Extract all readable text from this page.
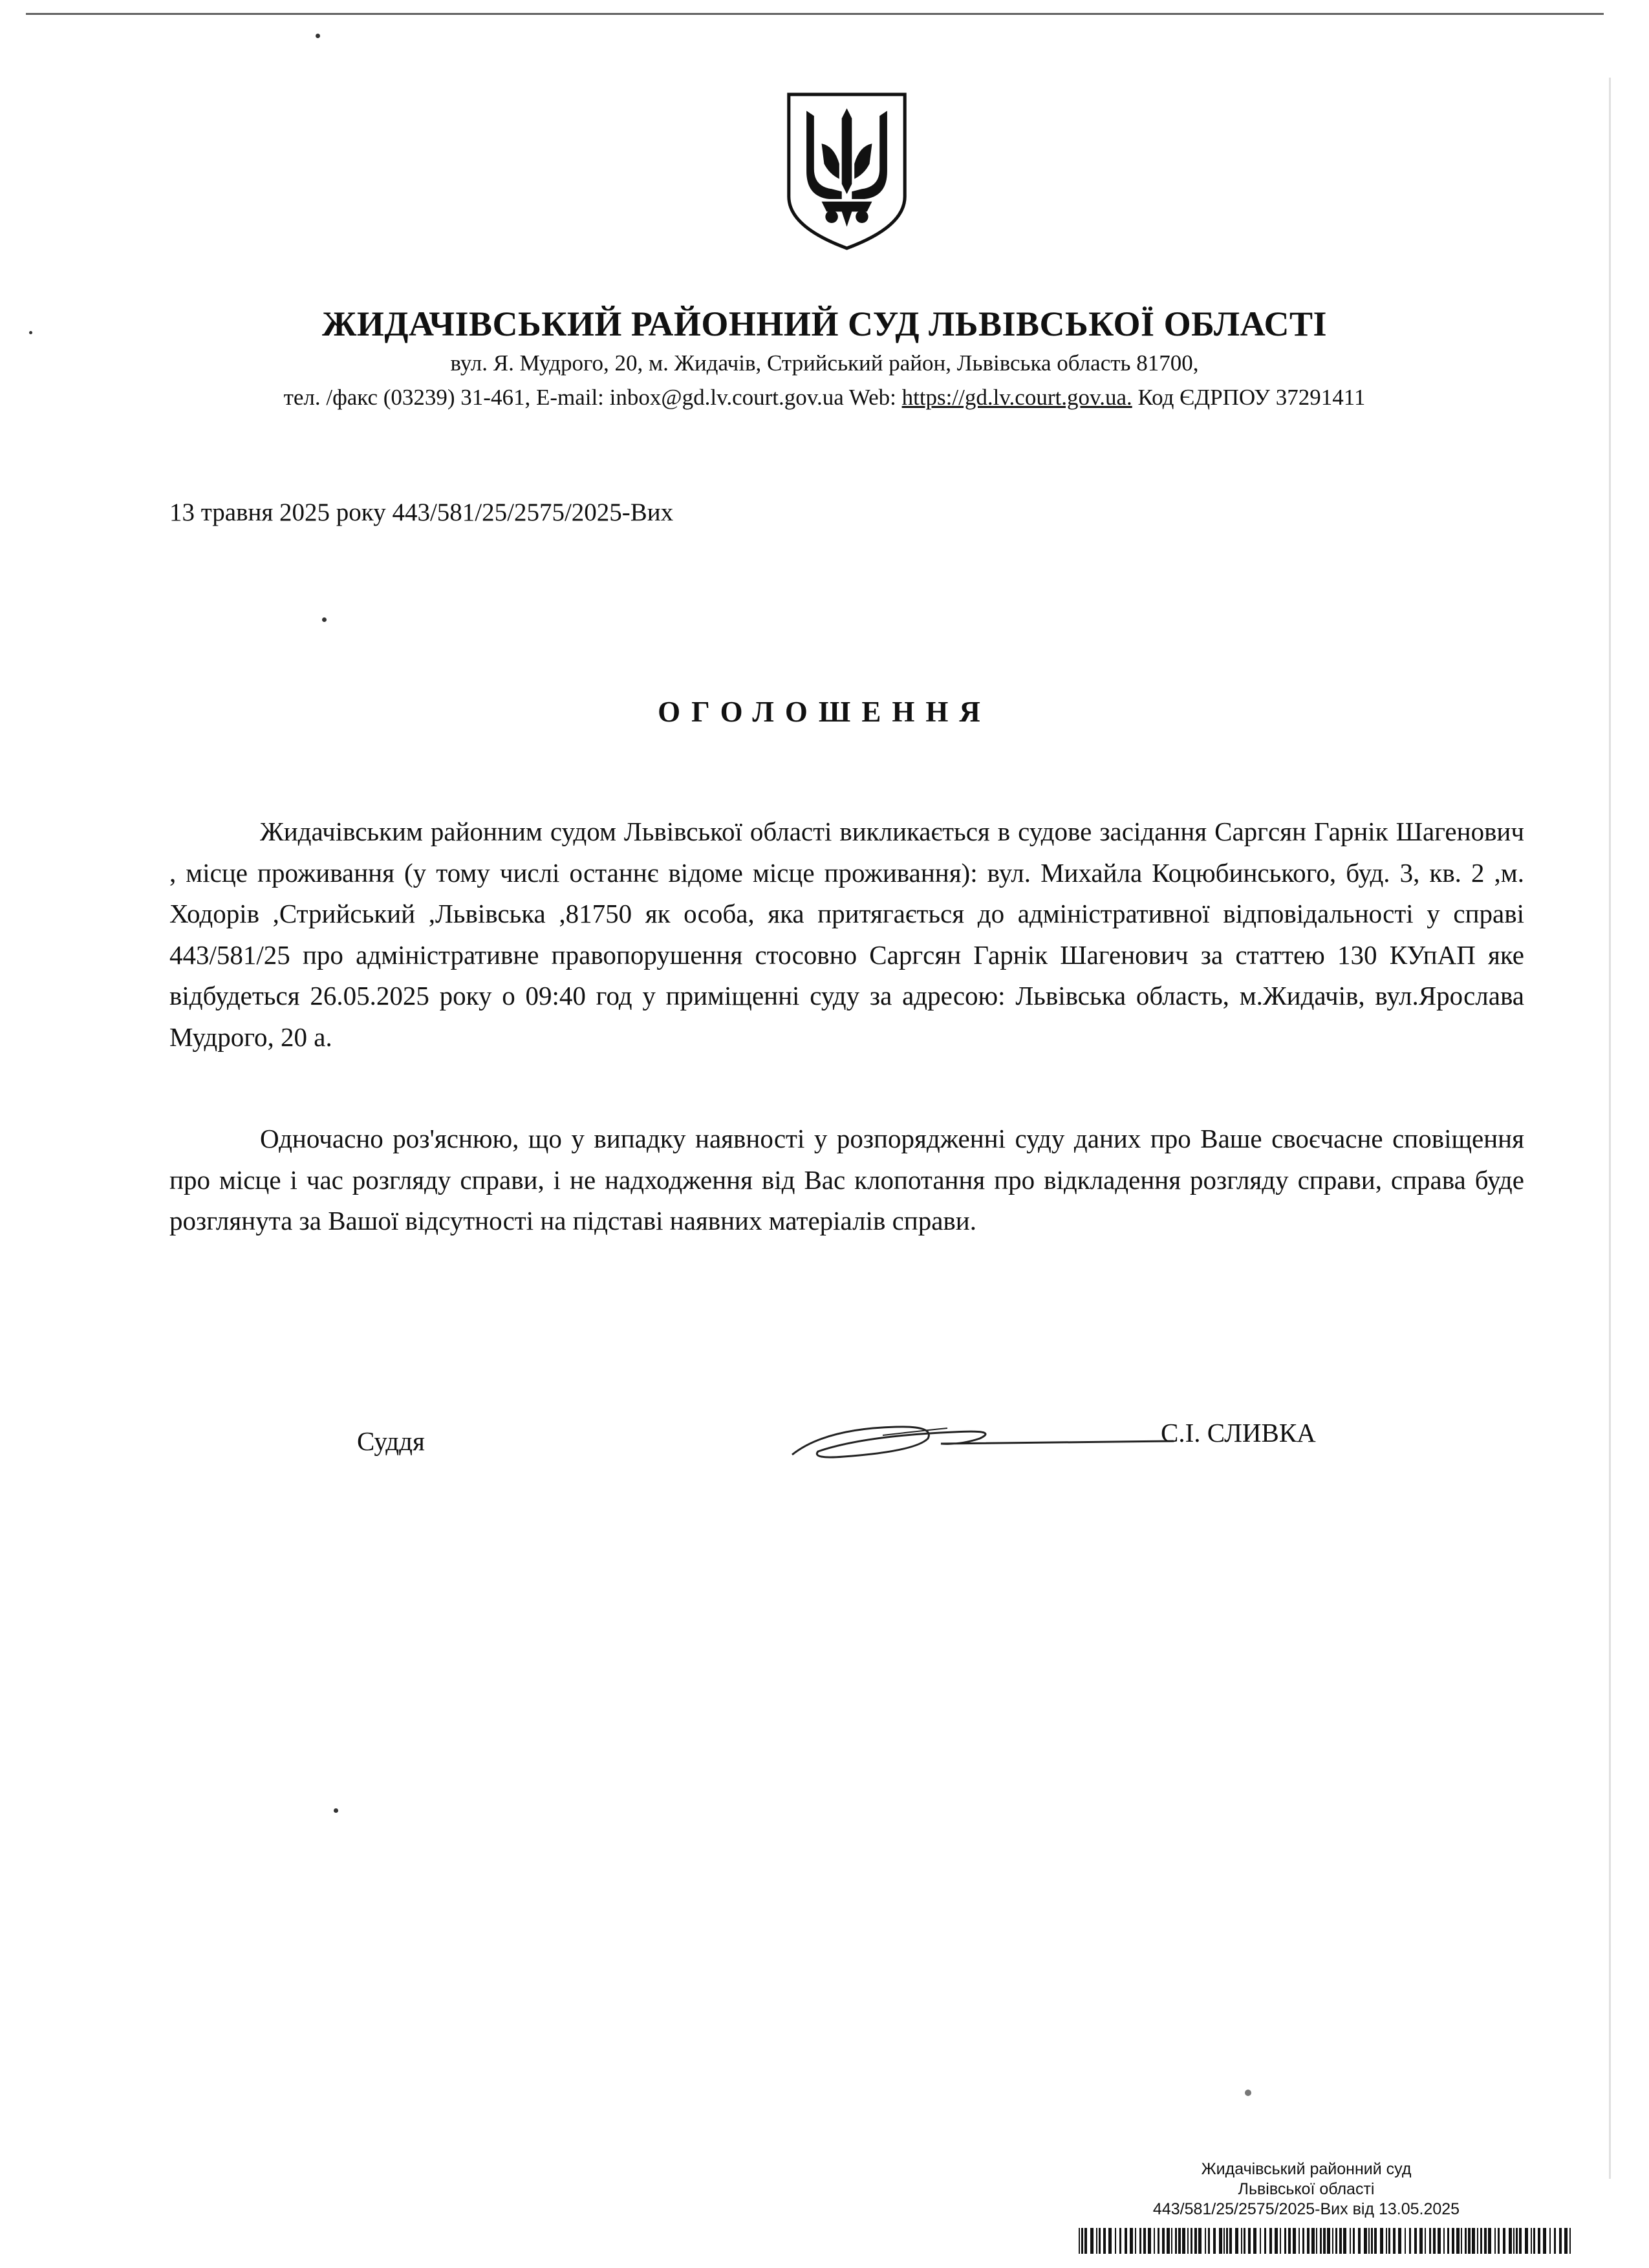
ЖИДАЧІВСЬКИЙ РАЙОННИЙ СУД ЛЬВІВСЬКОЇ ОБЛАСТІ
вул. Я. Мудрого, 20, м. Жидачів, Стрийський район, Львівська область 81700,
тел. /факс (03239) 31-461, E-mail: inbox@gd.lv.court.gov.ua Web: https://gd.lv.court.gov.ua. Код ЄДРПОУ 37291411
13 травня 2025 року 443/581/25/2575/2025-Вих
ОГОЛОШЕННЯ

Жидачівським районним судом Львівської області викликається в судове засідання Саргсян Гарнік Шагенович , місце проживання (у тому числі останнє відоме місце проживання): вул. Михайла Коцюбинського, буд. 3, кв. 2 ,м. Ходорів ,Стрийський ,Львівська ,81750 як особа, яка притягається до адміністративної відповідальності у справі 443/581/25 про адміністративне правопорушення стосовно Саргсян Гарнік Шагенович за статтею 130 КУпАП яке відбудеться 26.05.2025 року о 09:40 год у приміщенні суду за адресою: Львівська область, м.Жидачів, вул.Ярослава Мудрого, 20 а.

Одночасно роз'яснюю, що у випадку наявності у розпорядженні суду даних про Ваше своєчасне сповіщення про місце і час розгляду справи, і не надходження від Вас клопотання про відкладення розгляду справи, справа буде розглянута за Вашої відсутності на підставі наявних матеріалів справи.

Суддя	С.І. СЛИВКА
Жидачівський районний суд
Львівської області
443/581/25/2575/2025-Вих від 13.05.2025
